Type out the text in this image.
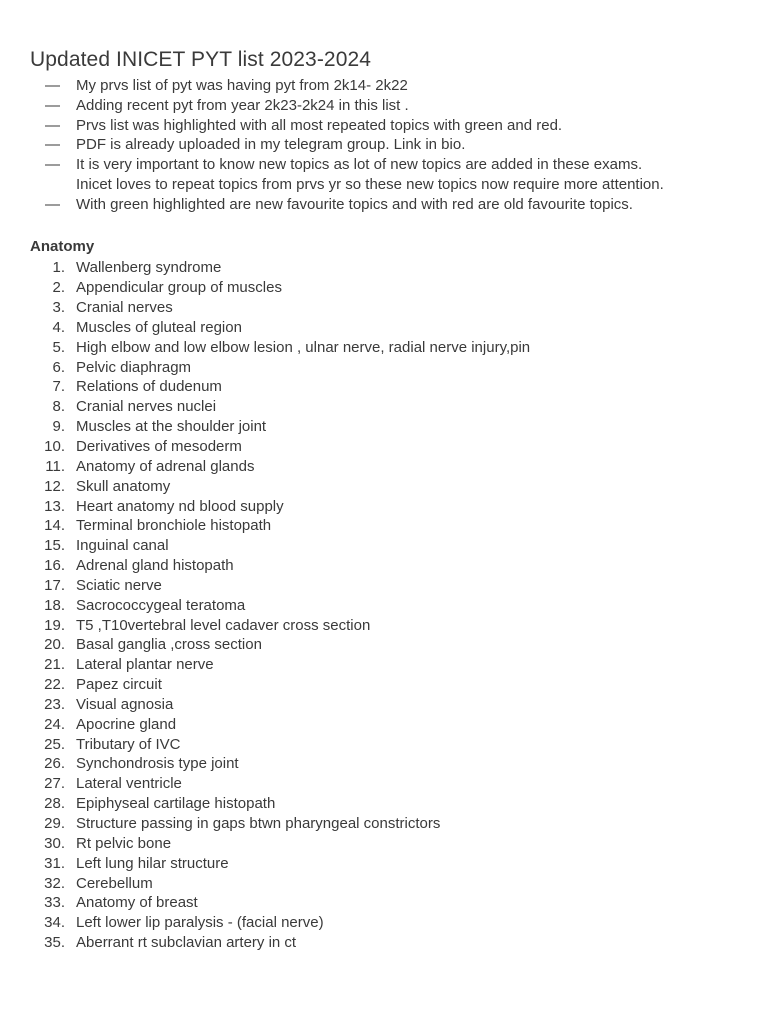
Updated INICET PYT list 2023-2024
— My prvs list of pyt was having pyt from 2k14- 2k22
— Adding recent pyt from year 2k23-2k24 in this list .
— Prvs list was highlighted with all most repeated topics with green and red.
— PDF is already uploaded in my telegram group. Link in bio.
— It is very important to know new topics as lot of new topics are added in these exams.
Inicet loves to repeat topics from prvs yr so these new topics now require more attention.
— With green highlighted are new favourite topics and with red are old favourite topics.
Anatomy
1. Wallenberg syndrome
2. Appendicular group of muscles
3. Cranial nerves
4. Muscles of gluteal region
5. High elbow and low elbow lesion , ulnar nerve, radial nerve injury,pin
6. Pelvic diaphragm
7. Relations of dudenum
8. Cranial nerves nuclei
9. Muscles at the shoulder joint
10. Derivatives of mesoderm
11. Anatomy of adrenal glands
12. Skull anatomy
13. Heart anatomy nd blood supply
14. Terminal bronchiole histopath
15. Inguinal canal
16. Adrenal gland histopath
17. Sciatic nerve
18. Sacrococcygeal teratoma
19. T5 ,T10vertebral level cadaver cross section
20. Basal ganglia ,cross section
21. Lateral plantar nerve
22. Papez circuit
23. Visual agnosia
24. Apocrine gland
25. Tributary of IVC
26. Synchondrosis type joint
27. Lateral ventricle
28. Epiphyseal cartilage histopath
29. Structure passing in gaps btwn pharyngeal constrictors
30. Rt pelvic bone
31. Left lung hilar structure
32. Cerebellum
33. Anatomy of breast
34. Left lower lip paralysis - (facial nerve)
35. Aberrant rt subclavian artery in ct
